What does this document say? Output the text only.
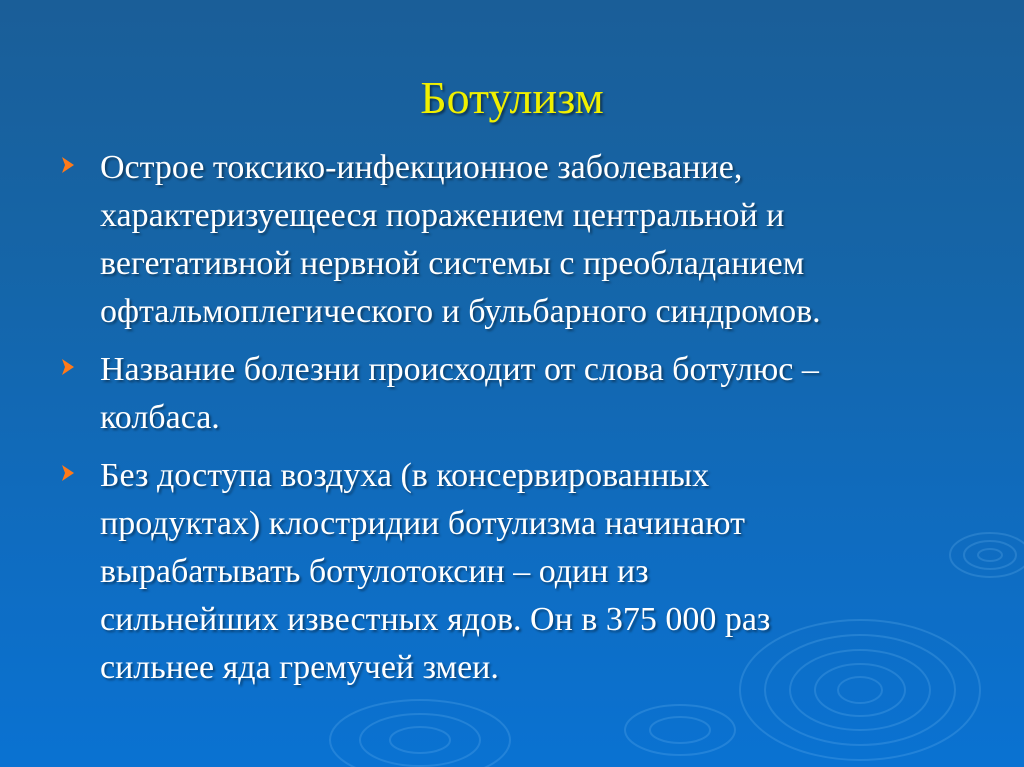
Ботулизм
Острое токсико-инфекционное заболевание,
характеризуещееся поражением центральной и
вегетативной нервной системы с преобладанием
офтальмоплегического и бульбарного синдромов.
Название болезни происходит от слова ботулюс –
колбаса.
Без доступа воздуха (в консервированных
продуктах) клостридии ботулизма начинают
вырабатывать ботулотоксин – один из
сильнейших известных ядов. Он в 375 000 раз
сильнее яда гремучей змеи.
